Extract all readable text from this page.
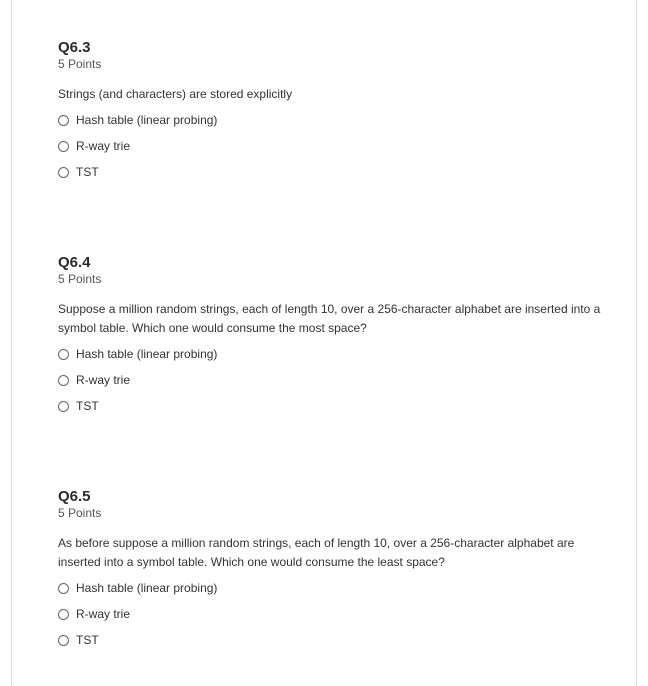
Q6.3
5 Points

Strings (and characters) are stored explicitly

Hash table (linear probing)
R-way trie
TST
Q6.4
5 Points

Suppose a million random strings, each of length 10, over a 256-character alphabet are inserted into a symbol table. Which one would consume the most space?

Hash table (linear probing)
R-way trie
TST
Q6.5
5 Points

As before suppose a million random strings, each of length 10, over a 256-character alphabet are inserted into a symbol table. Which one would consume the least space?

Hash table (linear probing)
R-way trie
TST
